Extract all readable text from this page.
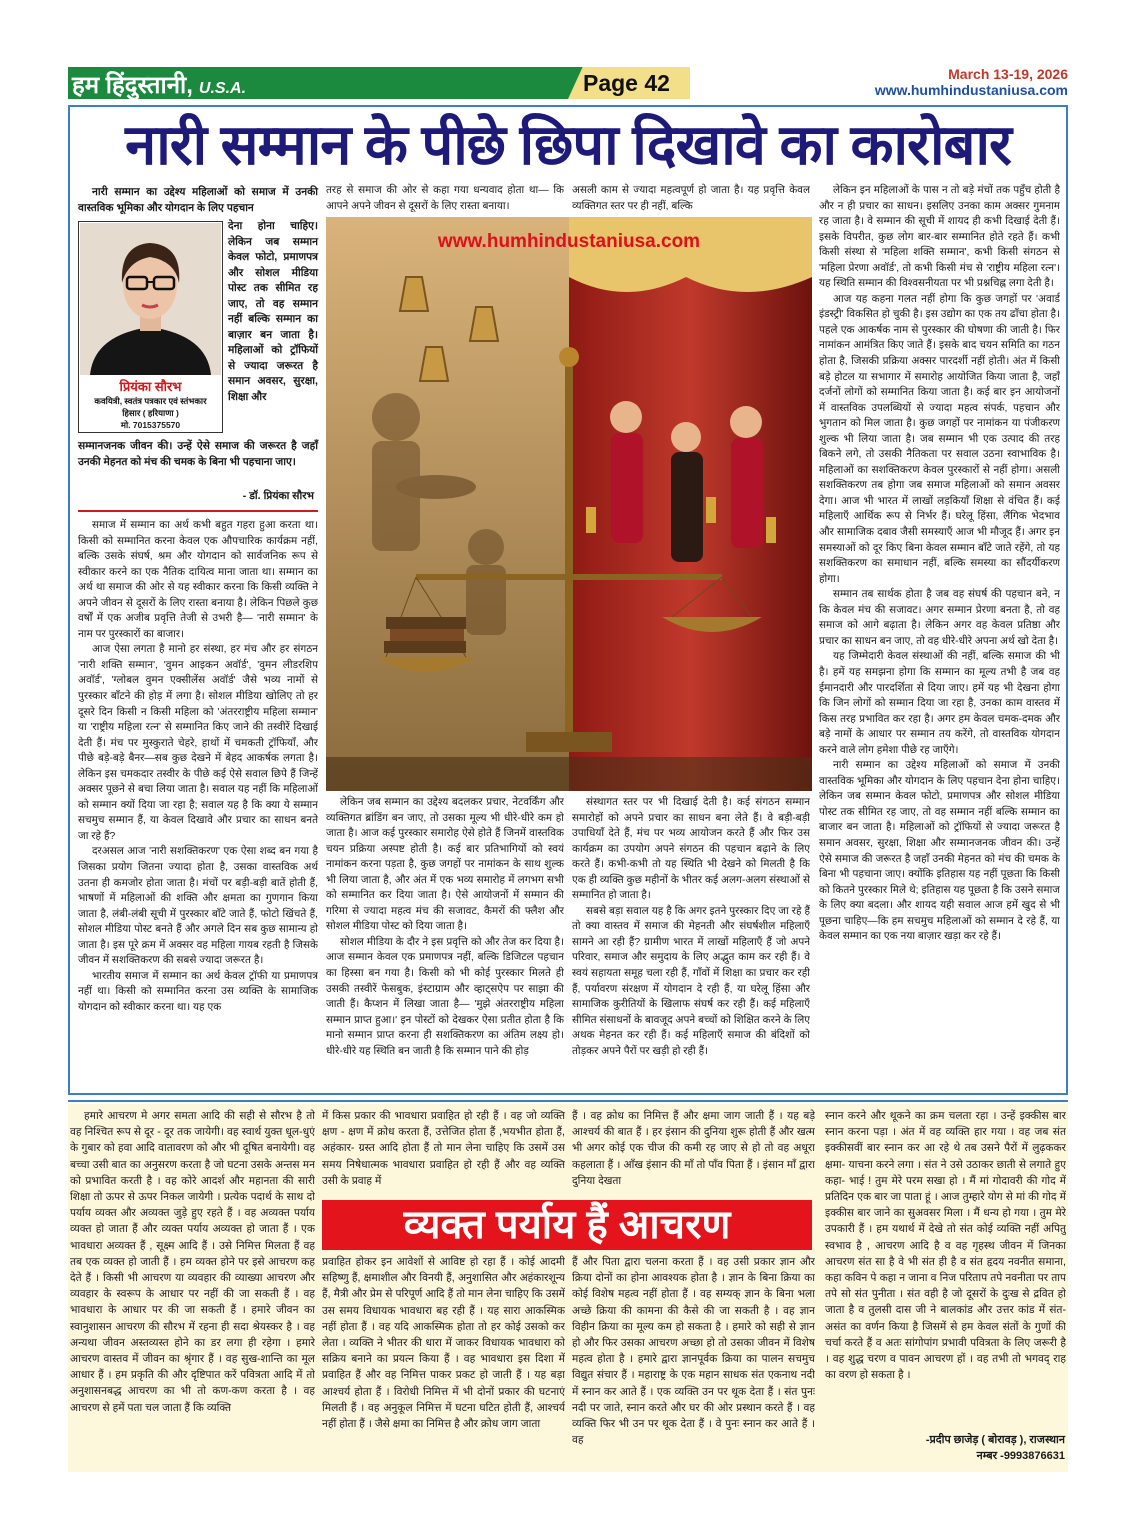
हम हिंदुस्तानी, U.S.A.	Page 42	March 13-19, 2026
www.humhindustaniusa.com
नारी सम्मान के पीछे छिपा दिखावे का कारोबार
नारी सम्मान का उद्देश्य महिलाओं को समाज में उनकी वास्तविक भूमिका और योगदान के लिए पहचान
प्रियंका सौरभ
कवयित्री, स्वतंत्र पत्रकार एवं स्तंभकार
हिसार ( हरियाणा )
मो. 7015375570
देना होना चाहिए। लेकिन जब सम्मान केवल फोटो, प्रमाणपत्र और सोशल मीडिया पोस्ट तक सीमित रह जाए, तो वह सम्मान नहीं बल्कि सम्मान का बाज़ार बन जाता है। महिलाओं को ट्रॉफियों से ज्यादा जरूरत है समान अवसर, सुरक्षा, शिक्षा और
सम्मानजनक जीवन की। उन्हें ऐसे समाज की जरूरत है जहाँ उनकी मेहनत को मंच की चमक के बिना भी पहचाना जाए।
- डॉ. प्रियंका सौरभ

समाज में सम्मान का अर्थ कभी बहुत गहरा हुआ करता था। किसी को सम्मानित करना केवल एक औपचारिक कार्यक्रम नहीं, बल्कि उसके संघर्ष, श्रम और योगदान को सार्वजनिक रूप से स्वीकार करने का एक नैतिक दायित्व माना जाता था। सम्मान का अर्थ था समाज की ओर से यह स्वीकार करना कि किसी व्यक्ति ने अपने जीवन से दूसरों के लिए रास्ता बनाया है। लेकिन पिछले कुछ वर्षों में एक अजीब प्रवृत्ति तेजी से उभरी है— 'नारी सम्मान' के नाम पर पुरस्कारों का बाजार।

आज ऐसा लगता है मानो हर संस्था, हर मंच और हर संगठन 'नारी शक्ति सम्मान', 'वुमन आइकन अवॉर्ड', 'वुमन लीडरशिप अवॉर्ड', 'ग्लोबल वुमन एक्सीलेंस अवॉर्ड' जैसे भव्य नामों से पुरस्कार बाँटने की होड़ में लगा है। सोशल मीडिया खोलिए तो हर दूसरे दिन किसी न किसी महिला को 'अंतरराष्ट्रीय महिला सम्मान' या 'राष्ट्रीय महिला रत्न' से सम्मानित किए जाने की तस्वीरें दिखाई देती हैं। मंच पर मुस्कुराते चेहरे, हाथों में चमकती ट्रॉफियाँ, और पीछे बड़े-बड़े बैनर—सब कुछ देखने में बेहद आकर्षक लगता है। लेकिन इस चमकदार तस्वीर के पीछे कई ऐसे सवाल छिपे हैं जिन्हें अक्सर पूछने से बचा लिया जाता है। सवाल यह नहीं कि महिलाओं को सम्मान क्यों दिया जा रहा है; सवाल यह है कि क्या ये सम्मान सचमुच सम्मान हैं, या केवल दिखावे और प्रचार का साधन बनते जा रहे हैं?

दरअसल आज 'नारी सशक्तिकरण' एक ऐसा शब्द बन गया है जिसका प्रयोग जितना ज्यादा होता है, उसका वास्तविक अर्थ उतना ही कमजोर होता जाता है। मंचों पर बड़ी-बड़ी बातें होती हैं, भाषणों में महिलाओं की शक्ति और क्षमता का गुणगान किया जाता है, लंबी-लंबी सूची में पुरस्कार बाँटे जाते हैं, फोटो खिंचते हैं, सोशल मीडिया पोस्ट बनते हैं और अगले दिन सब कुछ सामान्य हो जाता है। इस पूरे क्रम में अक्सर वह महिला गायब रहती है जिसके जीवन में सशक्तिकरण की सबसे ज्यादा जरूरत है।

भारतीय समाज में सम्मान का अर्थ केवल ट्रॉफी या प्रमाणपत्र नहीं था। किसी को सम्मानित करना उस व्यक्ति के सामाजिक योगदान को स्वीकार करना था। यह एक

तरह से समाज की ओर से कहा गया धन्यवाद होता था— कि आपने अपने जीवन से दूसरों के लिए रास्ता बनाया।
असली काम से ज्यादा महत्वपूर्ण हो जाता है। यह प्रवृत्ति केवल व्यक्तिगत स्तर पर ही नहीं, बल्कि
www.humhindustaniusa.com

लेकिन जब सम्मान का उद्देश्य बदलकर प्रचार, नेटवर्किंग और व्यक्तिगत ब्रांडिंग बन जाए, तो उसका मूल्य भी धीरे-धीरे कम हो जाता है। आज कई पुरस्कार समारोह ऐसे होते हैं जिनमें वास्तविक चयन प्रक्रिया अस्पष्ट होती है। कई बार प्रतिभागियों को स्वयं नामांकन करना पड़ता है, कुछ जगहों पर नामांकन के साथ शुल्क भी लिया जाता है, और अंत में एक भव्य समारोह में लगभग सभी को सम्मानित कर दिया जाता है। ऐसे आयोजनों में सम्मान की गरिमा से ज्यादा महत्व मंच की सजावट, कैमरों की फ्लैश और सोशल मीडिया पोस्ट को दिया जाता है।

सोशल मीडिया के दौर ने इस प्रवृत्ति को और तेज कर दिया है। आज सम्मान केवल एक प्रमाणपत्र नहीं, बल्कि डिजिटल पहचान का हिस्सा बन गया है। किसी को भी कोई पुरस्कार मिलते ही उसकी तस्वीरें फेसबुक, इंस्टाग्राम और व्हाट्सऐप पर साझा की जाती हैं। कैप्शन में लिखा जाता है— 'मुझे अंतरराष्ट्रीय महिला सम्मान प्राप्त हुआ।' इन पोस्टों को देखकर ऐसा प्रतीत होता है कि मानो सम्मान प्राप्त करना ही सशक्तिकरण का अंतिम लक्ष्य हो। धीरे-धीरे यह स्थिति बन जाती है कि सम्मान पाने की होड़

संस्थागत स्तर पर भी दिखाई देती है। कई संगठन सम्मान समारोहों को अपने प्रचार का साधन बना लेते हैं। वे बड़ी-बड़ी उपाधियाँ देते हैं, मंच पर भव्य आयोजन करते हैं और फिर उस कार्यक्रम का उपयोग अपने संगठन की पहचान बढ़ाने के लिए करते हैं। कभी-कभी तो यह स्थिति भी देखने को मिलती है कि एक ही व्यक्ति कुछ महीनों के भीतर कई अलग-अलग संस्थाओं से सम्मानित हो जाता है।

सबसे बड़ा सवाल यह है कि अगर इतने पुरस्कार दिए जा रहे हैं तो क्या वास्तव में समाज की मेहनती और संघर्षशील महिलाएँ सामने आ रही हैं? ग्रामीण भारत में लाखों महिलाएँ हैं जो अपने परिवार, समाज और समुदाय के लिए अद्भुत काम कर रही हैं। वे स्वयं सहायता समूह चला रही हैं, गाँवों में शिक्षा का प्रचार कर रही हैं, पर्यावरण संरक्षण में योगदान दे रही हैं, या घरेलू हिंसा और सामाजिक कुरीतियों के खिलाफ संघर्ष कर रही हैं। कई महिलाएँ सीमित संसाधनों के बावजूद अपने बच्चों को शिक्षित करने के लिए अथक मेहनत कर रही हैं। कई महिलाएँ समाज की बंदिशों को तोड़कर अपने पैरों पर खड़ी हो रही हैं।

लेकिन इन महिलाओं के पास न तो बड़े मंचों तक पहुँच होती है और न ही प्रचार का साधन। इसलिए उनका काम अक्सर गुमनाम रह जाता है। वे सम्मान की सूची में शायद ही कभी दिखाई देती हैं। इसके विपरीत, कुछ लोग बार-बार सम्मानित होते रहते हैं। कभी किसी संस्था से 'महिला शक्ति सम्मान', कभी किसी संगठन से 'महिला प्रेरणा अवॉर्ड', तो कभी किसी मंच से 'राष्ट्रीय महिला रत्न'। यह स्थिति सम्मान की विश्वसनीयता पर भी प्रश्नचिह्न लगा देती है।

आज यह कहना गलत नहीं होगा कि कुछ जगहों पर 'अवार्ड इंडस्ट्री' विकसित हो चुकी है। इस उद्योग का एक तय ढाँचा होता है। पहले एक आकर्षक नाम से पुरस्कार की घोषणा की जाती है। फिर नामांकन आमंत्रित किए जाते हैं। इसके बाद चयन समिति का गठन होता है, जिसकी प्रक्रिया अक्सर पारदर्शी नहीं होती। अंत में किसी बड़े होटल या सभागार में समारोह आयोजित किया जाता है, जहाँ दर्जनों लोगों को सम्मानित किया जाता है। कई बार इन आयोजनों में वास्तविक उपलब्धियों से ज्यादा महत्व संपर्क, पहचान और भुगतान को मिल जाता है। कुछ जगहों पर नामांकन या पंजीकरण शुल्क भी लिया जाता है। जब सम्मान भी एक उत्पाद की तरह बिकने लगे, तो उसकी नैतिकता पर सवाल उठना स्वाभाविक है। महिलाओं का सशक्तिकरण केवल पुरस्कारों से नहीं होगा। असली सशक्तिकरण तब होगा जब समाज महिलाओं को समान अवसर देगा। आज भी भारत में लाखों लड़कियाँ शिक्षा से वंचित हैं। कई महिलाएँ आर्थिक रूप से निर्भर हैं। घरेलू हिंसा, लैंगिक भेदभाव और सामाजिक दबाव जैसी समस्याएँ आज भी मौजूद हैं। अगर इन समस्याओं को दूर किए बिना केवल सम्मान बाँटे जाते रहेंगे, तो यह सशक्तिकरण का समाधान नहीं, बल्कि समस्या का सौंदर्यीकरण होगा।

सम्मान तब सार्थक होता है जब वह संघर्ष की पहचान बने, न कि केवल मंच की सजावट। अगर सम्मान प्रेरणा बनता है, तो वह समाज को आगे बढ़ाता है। लेकिन अगर वह केवल प्रतिष्ठा और प्रचार का साधन बन जाए, तो वह धीरे-धीरे अपना अर्थ खो देता है।

यह जिम्मेदारी केवल संस्थाओं की नहीं, बल्कि समाज की भी है। हमें यह समझना होगा कि सम्मान का मूल्य तभी है जब वह ईमानदारी और पारदर्शिता से दिया जाए। हमें यह भी देखना होगा कि जिन लोगों को सम्मान दिया जा रहा है, उनका काम वास्तव में किस तरह प्रभावित कर रहा है। अगर हम केवल चमक-दमक और बड़े नामों के आधार पर सम्मान तय करेंगे, तो वास्तविक योगदान करने वाले लोग हमेशा पीछे रह जाएँगे।

नारी सम्मान का उद्देश्य महिलाओं को समाज में उनकी वास्तविक भूमिका और योगदान के लिए पहचान देना होना चाहिए। लेकिन जब सम्मान केवल फोटो, प्रमाणपत्र और सोशल मीडिया पोस्ट तक सीमित रह जाए, तो वह सम्मान नहीं बल्कि सम्मान का बाजार बन जाता है। महिलाओं को ट्रॉफियों से ज्यादा जरूरत है समान अवसर, सुरक्षा, शिक्षा और सम्मानजनक जीवन की। उन्हें ऐसे समाज की जरूरत है जहाँ उनकी मेहनत को मंच की चमक के बिना भी पहचाना जाए। क्योंकि इतिहास यह नहीं पूछता कि किसी को कितने पुरस्कार मिले थे; इतिहास यह पूछता है कि उसने समाज के लिए क्या बदला। और शायद यही सवाल आज हमें खुद से भी पूछना चाहिए—कि हम सचमुच महिलाओं को सम्मान दे रहे हैं, या केवल सम्मान का एक नया बाज़ार खड़ा कर रहे हैं।

हमारे आचरण मे अगर समता आदि की सही से सौरभ है तो वह निश्चित रूप से दूर - दूर तक जायेगी। वह स्वार्थ युक्त धूल-धुएं के गुबार को हवा आदि वातावरण को और भी दूषित बनायेगी। वह बच्चा उसी बात का अनुसरण करता है जो घटना उसके अन्तस मन को प्रभावित करती है । वह कोरे आदर्श और महानता की सारी शिक्षा तो ऊपर से ऊपर निकल जायेगी । प्रत्येक पदार्थ के साथ दो पर्याय व्यक्त और अव्यक्त जुड़े हुए रहते हैं । वह अव्यक्त पर्याय व्यक्त हो जाता हैं और व्यक्त पर्याय अव्यक्त हो जाता हैं । एक भावधारा अव्यक्त हैं , सूक्ष्म आदि हैं । उसे निमित्त मिलता हैं वह तब एक व्यक्त हो जाती हैं । हम व्यक्त होने पर इसे आचरण कह देते हैं । किसी भी आचरण या व्यवहार की व्याख्या आचरण और व्यवहार के स्वरूप के आधार पर नहीं की जा सकती हैं । वह भावधारा के आधार पर की जा सकती हैं । हमारे जीवन का स्वानुशासन आचरण की सौरभ में रहना ही सदा श्रेयस्कर है । वह अन्यथा जीवन अस्तव्यस्त होने का डर लगा ही रहेगा । हमारे आचरण वास्तव में जीवन का श्रृंगार हैं । वह सुख-शान्ति का मूल आधार हैं । हम प्रकृति की और दृष्टिपात करें पवित्रता आदि में तो अनुशासनबद्ध आचरण का भी तो कण-कण करता है । वह आचरण से हमें पता चल जाता हैं कि व्यक्ति
में किस प्रकार की भावधारा प्रवाहित हो रही हैं । वह जो व्यक्ति क्षण - क्षण में क्रोध करता हैं, उत्तेजित होता हैं ,भयभीत होता हैं, अहंकार- ग्रस्त आदि होता हैं तो मान लेना चाहिए कि उसमें उस समय निषेधात्मक भावधारा प्रवाहित हो रही हैं और वह व्यक्ति उसी के प्रवाह में
हैं । वह क्रोध का निमित्त हैं और क्षमा जाग जाती हैं । यह बड़े आश्चर्य की बात हैं । हर इंसान की दुनिया शुरू होती हैं और खत्म भी अगर कोई एक चीज की कमी रह जाए से हो तो वह अधूरा कहलाता हैं । आँख इंसान की माँ तो पाँव पिता हैं । इंसान माँ द्वारा दुनिया देखता
व्यक्त पर्याय हैं आचरण
प्रवाहित होकर इन आवेशों से आविष्ट हो रहा हैं । कोई आदमी सहिष्णु हैं, क्षमाशील और विनयी हैं, अनुशासित और अहंकारशून्य हैं, मैत्री और प्रेम से परिपूर्ण आदि हैं तो मान लेना चाहिए कि उसमें उस समय विधायक भावधारा बह रही हैं । यह सारा आकस्मिक नहीं होता हैं । वह यदि आकस्मिक होता तो हर कोई उसको कर लेता । व्यक्ति ने भीतर की धारा में जाकर विधायक भावधारा को सक्रिय बनाने का प्रयत्न किया हैं । वह भावधारा इस दिशा में प्रवाहित हैं और वह निमित्त पाकर प्रकट हो जाती हैं । यह बड़ा आश्चर्य होता हैं । विरोधी निमित्त में भी दोनों प्रकार की घटनाएं मिलती हैं । वह अनुकूल निमित्त में घटना घटित होती हैं, आश्चर्य नहीं होता हैं । जैसे क्षमा का निमित्त है और क्रोध जाग जाता
हैं और पिता द्वारा चलना करता हैं । वह उसी प्रकार ज्ञान और क्रिया दोनों का होना आवश्यक होता है । ज्ञान के बिना क्रिया का कोई विशेष महत्व नहीं होता हैं । वह सम्यक् ज्ञान के बिना भला अच्छे क्रिया की कामना की कैसे की जा सकती है । वह ज्ञान विहीन क्रिया का मूल्य कम हो सकता है । हमारे को सही से ज्ञान हो और फिर उसका आचरण अच्छा हो तो उसका जीवन में विशेष महत्व होता है । हमारे द्वारा ज्ञानपूर्वक क्रिया का पालन सचमुच विद्युत संचार हैं । महाराष्ट्र के एक महान साधक संत एकनाथ नदी में स्नान कर आते हैं । एक व्यक्ति उन पर थूक देता हैं । संत पुनः नदी पर जाते, स्नान करते और घर की ओर प्रस्थान करते हैं । वह व्यक्ति फिर भी उन पर थूक देता हैं । वे पुनः स्नान कर आते हैं । वह
स्नान करने और थूकने का क्रम चलता रहा । उन्हें इक्कीस बार स्नान करना पड़ा । अंत में वह व्यक्ति हार गया । वह जब संत इक्कीसवीं बार स्नान कर आ रहे थे तब उसने पैरों में लुढ़ककर क्षमा- याचना करने लगा । संत ने उसे उठाकर छाती से लगाते हुए कहा- भाई ! तुम मेरे परम सखा हो । मैं मां गोदावरी की गोद में प्रतिदिन एक बार जा पाता हूं । आज तुम्हारे योग से मां की गोद में इक्कीस बार जाने का सुअवसर मिला । मैं धन्य हो गया । तुम मेरे उपकारी हैं । हम यथार्थ में देखे तो संत कोई व्यक्ति नहीं अपितु स्वभाव है , आचरण आदि है व वह गृहस्थ जीवन में जिनका आचरण संत सा है वे भी संत ही है व संत हृदय नवनीत समाना, कहा कविन पे कहा न जाना व निज परिताप तपे नवनीता पर ताप तपे सो संत पुनीता । संत वही है जो दूसरों के दुःख से द्रवित हो जाता है व तुलसी दास जी ने बालकांड और उत्तर कांड में संत- असंत का वर्णन किया है जिसमें से हम केवल संतों के गुणों की चर्चा करते हैं व अतः सांगोपांग प्रभावी पवित्रता के लिए जरूरी है । वह शुद्ध चरण व पावन आचरण हों । वह तभी तो भगवद् राह का वरण हो सकता है ।
-प्रदीप छाजेड़ ( बोरावड़ ), राजस्थान
नम्बर -9993876631
